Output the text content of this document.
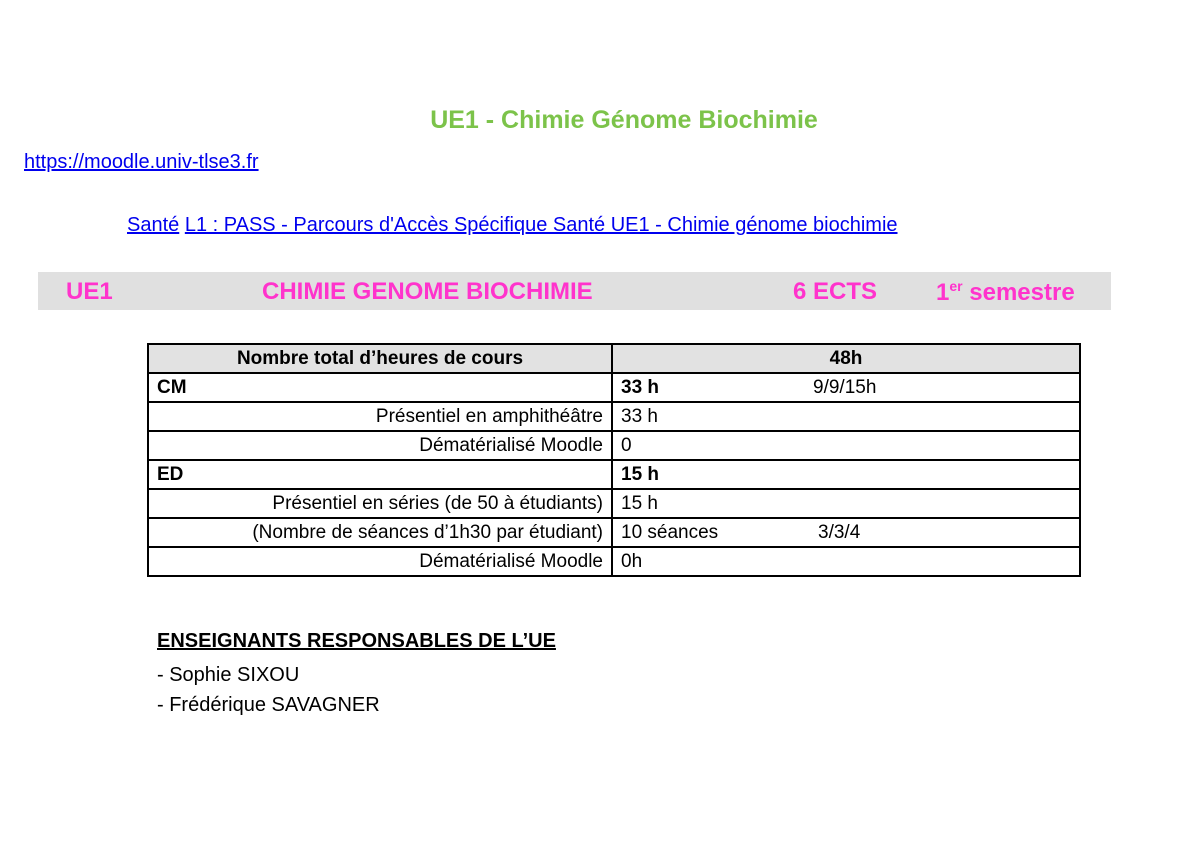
UE1 - Chimie Génome Biochimie
https://moodle.univ-tlse3.fr
Santé L1 : PASS - Parcours d'Accès Spécifique Santé UE1 - Chimie génome biochimie
UE1	CHIMIE GENOME BIOCHIMIE	6 ECTS 1er semestre
Nombre total d’heures de cours	48h
CM	33 h 9/9/15h

Présentiel en amphithéâtre	33 h
Dématérialisé Moodle	0
ED	15 h
Présentiel en séries (de 50 à étudiants)	15 h
(Nombre de séances d’1h30 par étudiant)	10 séances 3/3/4

Dématérialisé Moodle	0h
ENSEIGNANTS RESPONSABLES DE L’UE
- Sophie SIXOU
- Frédérique SAVAGNER
